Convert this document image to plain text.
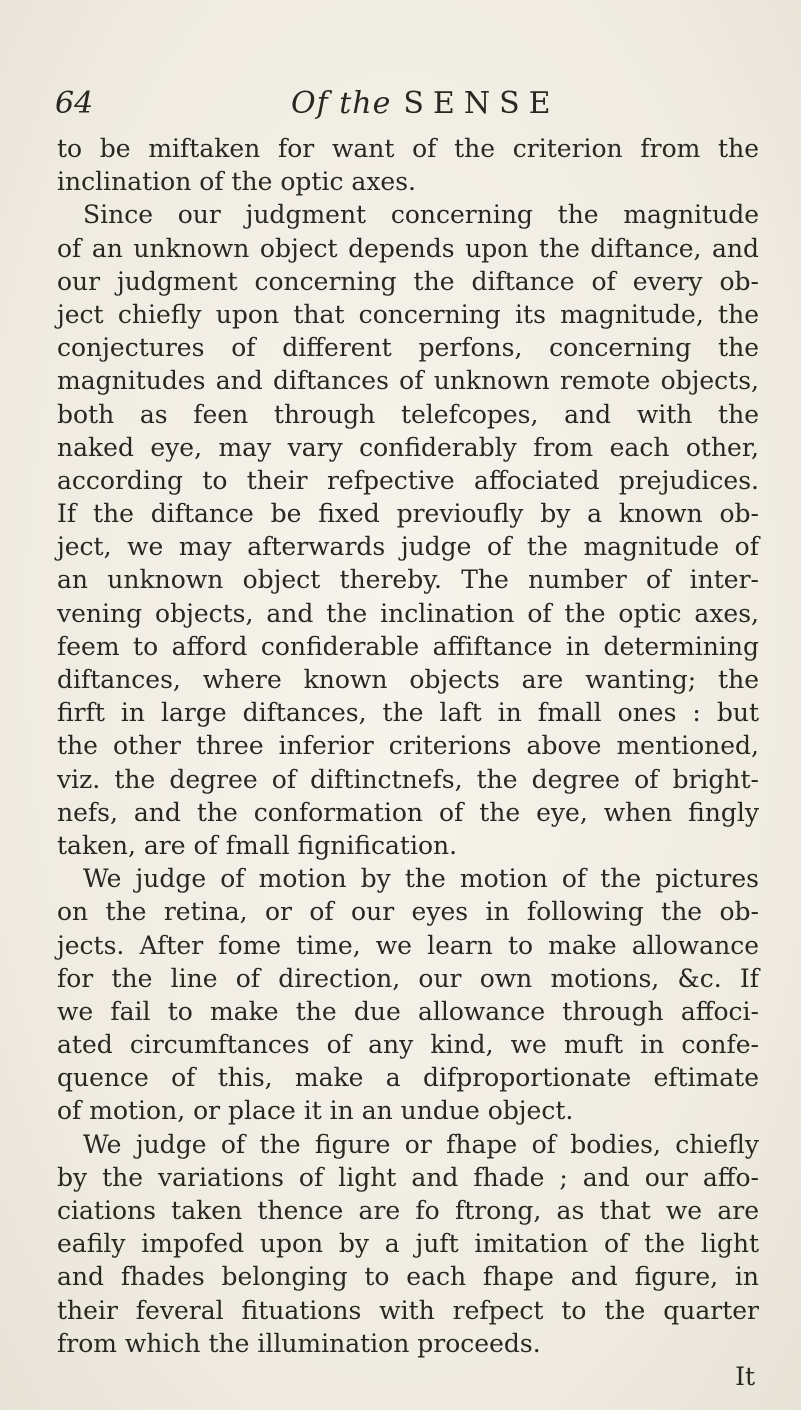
64	Of the SENSE
to be miftaken for want of the criterion from the
inclination of the optic axes.
Since our judgment concerning the magnitude
of an unknown object depends upon the diftance, and
our judgment concerning the diftance of every ob-
ject chiefly upon that concerning its magnitude, the
conjectures of different perfons, concerning the
magnitudes and diftances of unknown remote objects,
both as feen through telefcopes, and with the
naked eye, may vary confiderably from each other,
according to their refpective affociated prejudices.
If the diftance be fixed previoufly by a known ob-
ject, we may afterwards judge of the magnitude of
an unknown object thereby. The number of inter-
vening objects, and the inclination of the optic axes,
feem to afford confiderable affiftance in determining
diftances, where known objects are wanting; the
firft in large diftances, the laft in fmall ones : but
the other three inferior criterions above mentioned,
viz. the degree of diftinctnefs, the degree of bright-
nefs, and the conformation of the eye, when fingly
taken, are of fmall fignification.
We judge of motion by the motion of the pictures
on the retina, or of our eyes in following the ob-
jects. After fome time, we learn to make allowance
for the line of direction, our own motions, &c. If
we fail to make the due allowance through affoci-
ated circumftances of any kind, we muft in confe-
quence of this, make a difproportionate eftimate
of motion, or place it in an undue object.
We judge of the figure or fhape of bodies, chiefly
by the variations of light and fhade ; and our affo-
ciations taken thence are fo ftrong, as that we are
eafily impofed upon by a juft imitation of the light
and fhades belonging to each fhape and figure, in
their feveral fituations with refpect to the quarter
from which the illumination proceeds.
It
